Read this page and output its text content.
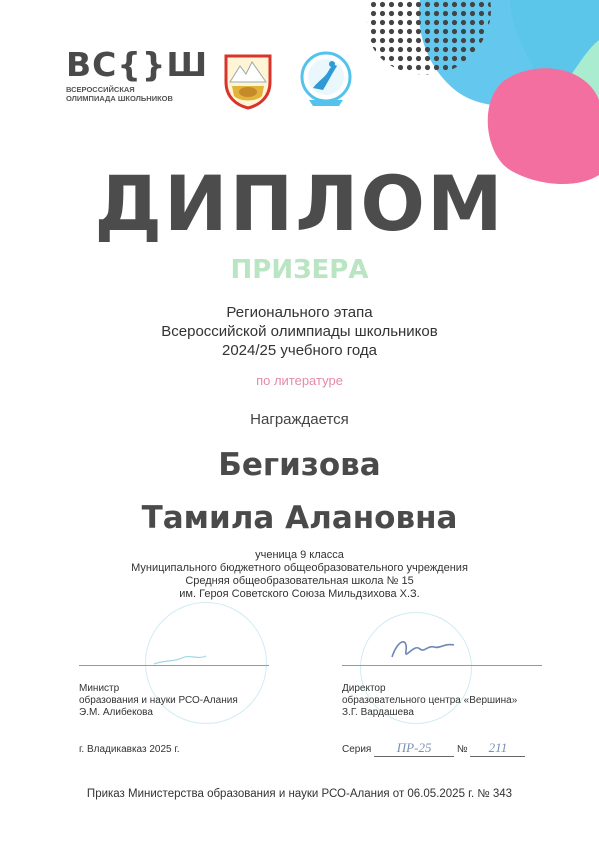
ВС{}Ш
ВСЕРОССИЙСКАЯ ОЛИМПИАДА ШКОЛЬНИКОВ
ДИПЛОМ
ПРИЗЕРА
Регионального этапа
Всероссийской олимпиады школьников
2024/25 учебного года
по литературе
Награждается
Бегизова
Тамила Алановна
ученица 9 класса
Муниципального бюджетного общеобразовательного учреждения
Средняя общеобразовательная школа № 15
им. Героя Советского Союза Мильдзихова Х.З.
Министр
образования и науки РСО-Алания
Э.М. Алибекова
Директор
образовательного центра «Вершина»
З.Г. Вардашева
г. Владикавказ 2025 г.	Серия ПР-25	№ 211
Приказ Министерства образования и науки РСО-Алания от 06.05.2025 г. № 343
